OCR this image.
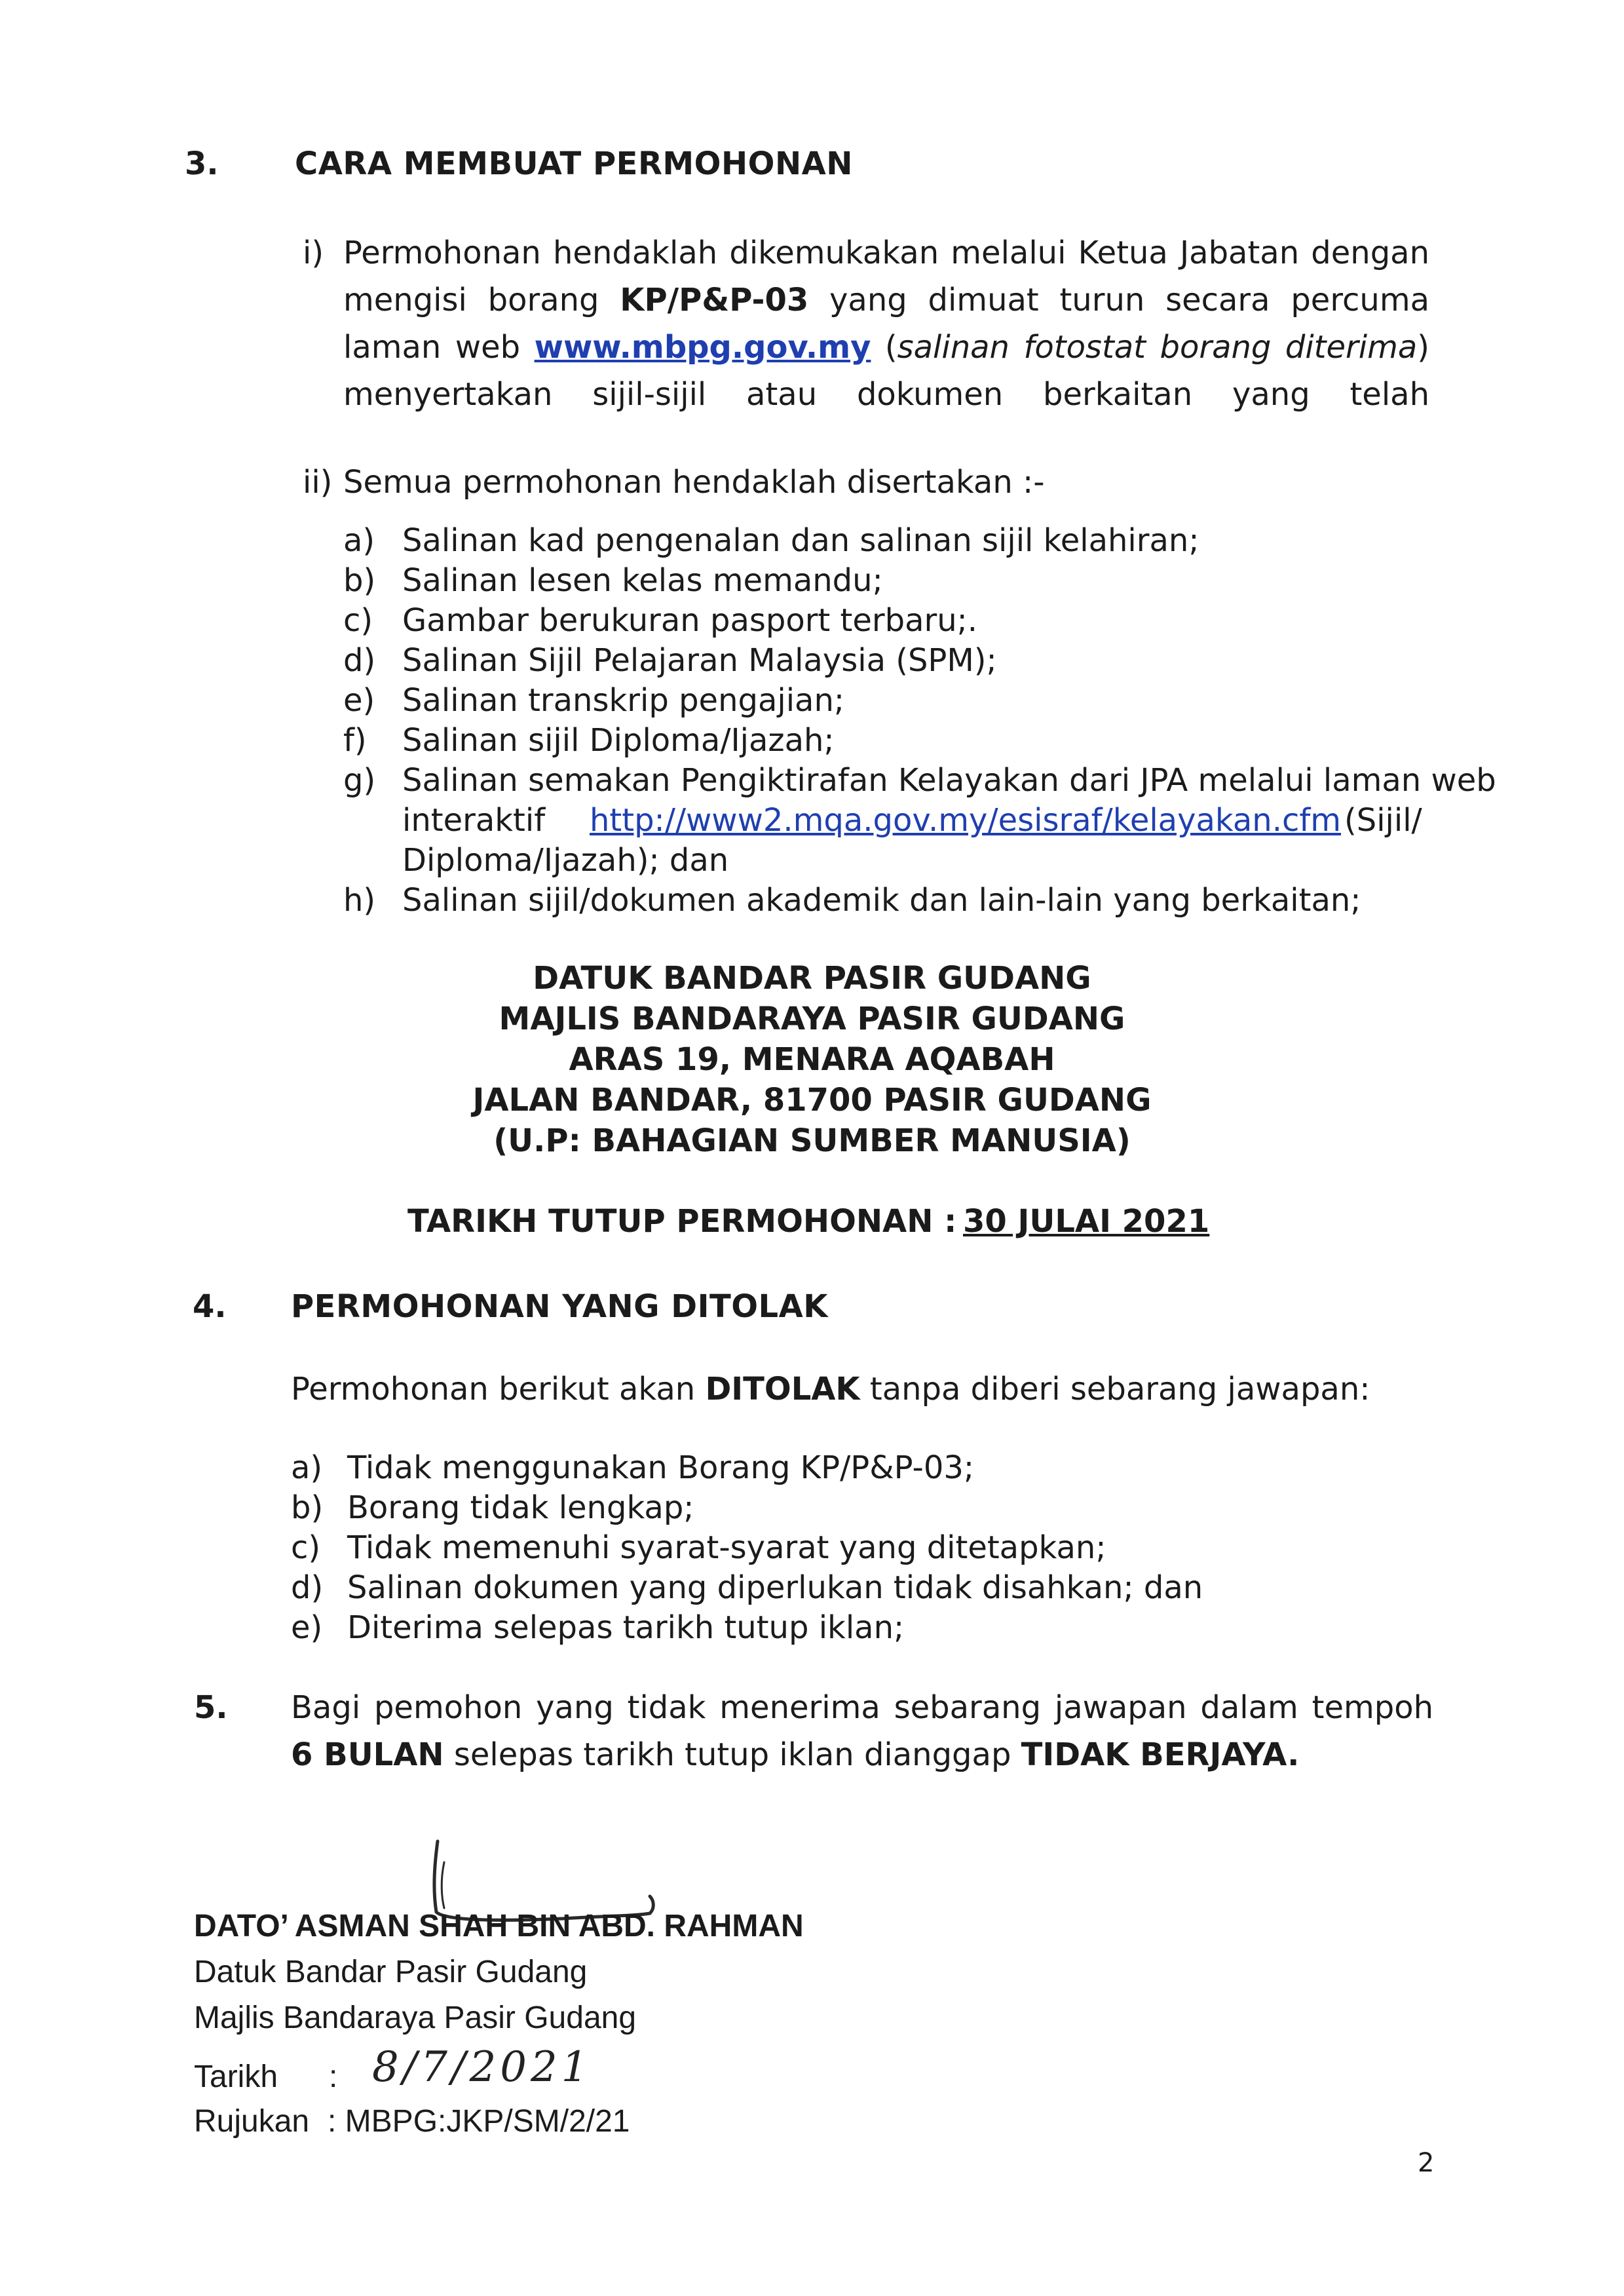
3. CARA MEMBUAT PERMOHONAN
i) Permohonan hendaklah dikemukakan melalui Ketua Jabatan dengan
mengisi borang KP/P&P-03 yang dimuat turun secara percuma
laman web www.mbpg.gov.my (salinan fotostat borang diterima)
menyertakan sijil-sijil atau dokumen berkaitan yang telah
ii) Semua permohonan hendaklah disertakan :-
a) Salinan kad pengenalan dan salinan sijil kelahiran;
b) Salinan lesen kelas memandu;
c) Gambar berukuran pasport terbaru;.
d) Salinan Sijil Pelajaran Malaysia (SPM);
e) Salinan transkrip pengajian;
f) Salinan sijil Diploma/Ijazah;
g) Salinan semakan Pengiktirafan Kelayakan dari JPA melalui laman web
interaktif http://www2.mqa.gov.my/esisraf/kelayakan.cfm (Sijil/
Diploma/Ijazah); dan
h) Salinan sijil/dokumen akademik dan lain-lain yang berkaitan;
DATUK BANDAR PASIR GUDANG
MAJLIS BANDARAYA PASIR GUDANG
ARAS 19, MENARA AQABAH
JALAN BANDAR, 81700 PASIR GUDANG
(U.P: BAHAGIAN SUMBER MANUSIA)
TARIKH TUTUP PERMOHONAN : 30 JULAI 2021
4. PERMOHONAN YANG DITOLAK
Permohonan berikut akan DITOLAK tanpa diberi sebarang jawapan:
a) Tidak menggunakan Borang KP/P&P-03;
b) Borang tidak lengkap;
c) Tidak memenuhi syarat-syarat yang ditetapkan;
d) Salinan dokumen yang diperlukan tidak disahkan; dan
e) Diterima selepas tarikh tutup iklan;
5. Bagi pemohon yang tidak menerima sebarang jawapan dalam tempoh
6 BULAN selepas tarikh tutup iklan dianggap TIDAK BERJAYA.
DATO’ ASMAN SHAH BIN ABD. RAHMAN
Datuk Bandar Pasir Gudang
Majlis Bandaraya Pasir Gudang
Tarikh : 8/7/2021
Rujukan : MBPG:JKP/SM/2/21
2
